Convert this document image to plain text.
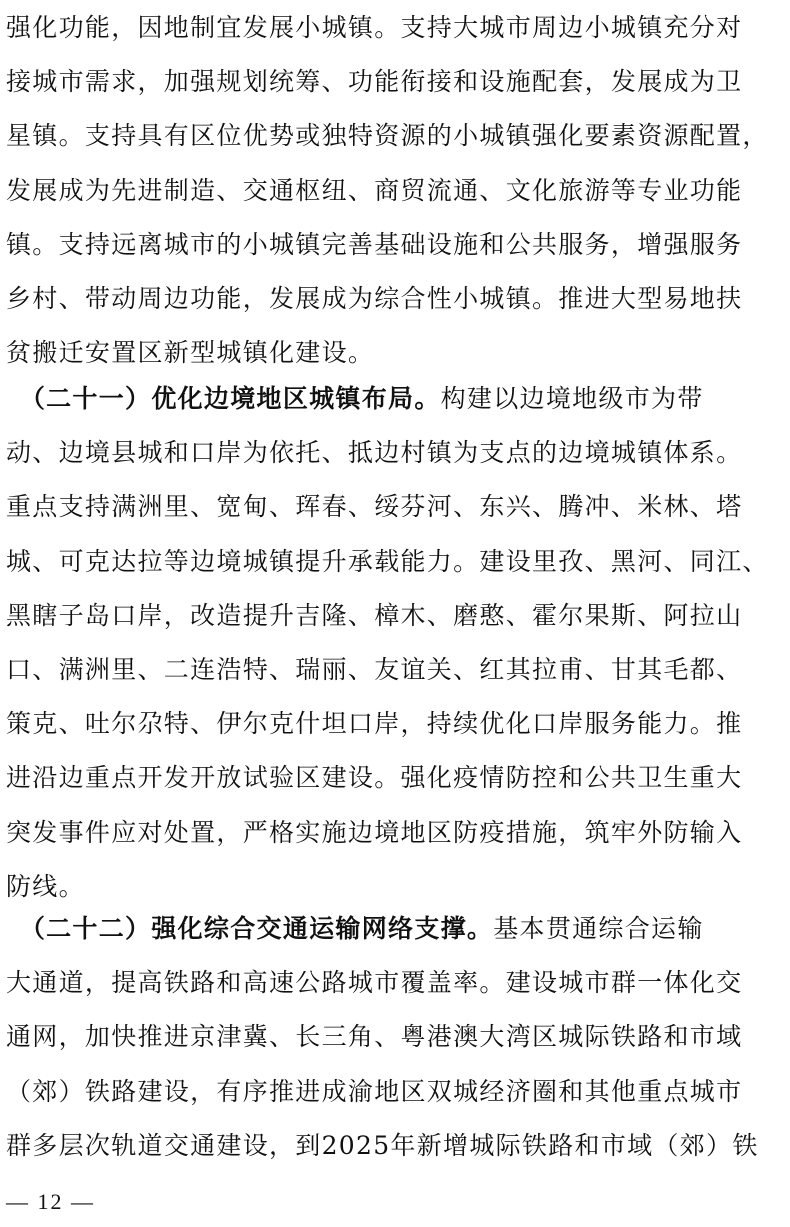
强化功能，因地制宜发展小城镇。支持大城市周边小城镇充分对
接城市需求，加强规划统筹、功能衔接和设施配套，发展成为卫
星镇。支持具有区位优势或独特资源的小城镇强化要素资源配置，
发展成为先进制造、交通枢纽、商贸流通、文化旅游等专业功能
镇。支持远离城市的小城镇完善基础设施和公共服务，增强服务
乡村、带动周边功能，发展成为综合性小城镇。推进大型易地扶
贫搬迁安置区新型城镇化建设。

　（二十一）优化边境地区城镇布局。构建以边境地级市为带
动、边境县城和口岸为依托、抵边村镇为支点的边境城镇体系。
重点支持满洲里、宽甸、珲春、绥芬河、东兴、腾冲、米林、塔
城、可克达拉等边境城镇提升承载能力。建设里孜、黑河、同江、
黑瞎子岛口岸，改造提升吉隆、樟木、磨憨、霍尔果斯、阿拉山
口、满洲里、二连浩特、瑞丽、友谊关、红其拉甫、甘其毛都、
策克、吐尔尕特、伊尔克什坦口岸，持续优化口岸服务能力。推
进沿边重点开发开放试验区建设。强化疫情防控和公共卫生重大
突发事件应对处置，严格实施边境地区防疫措施，筑牢外防输入
防线。

　（二十二）强化综合交通运输网络支撑。基本贯通综合运输
大通道，提高铁路和高速公路城市覆盖率。建设城市群一体化交
通网，加快推进京津冀、长三角、粤港澳大湾区城际铁路和市域
（郊）铁路建设，有序推进成渝地区双城经济圈和其他重点城市
群多层次轨道交通建设，到2025年新增城际铁路和市域（郊）铁

— 12 —
